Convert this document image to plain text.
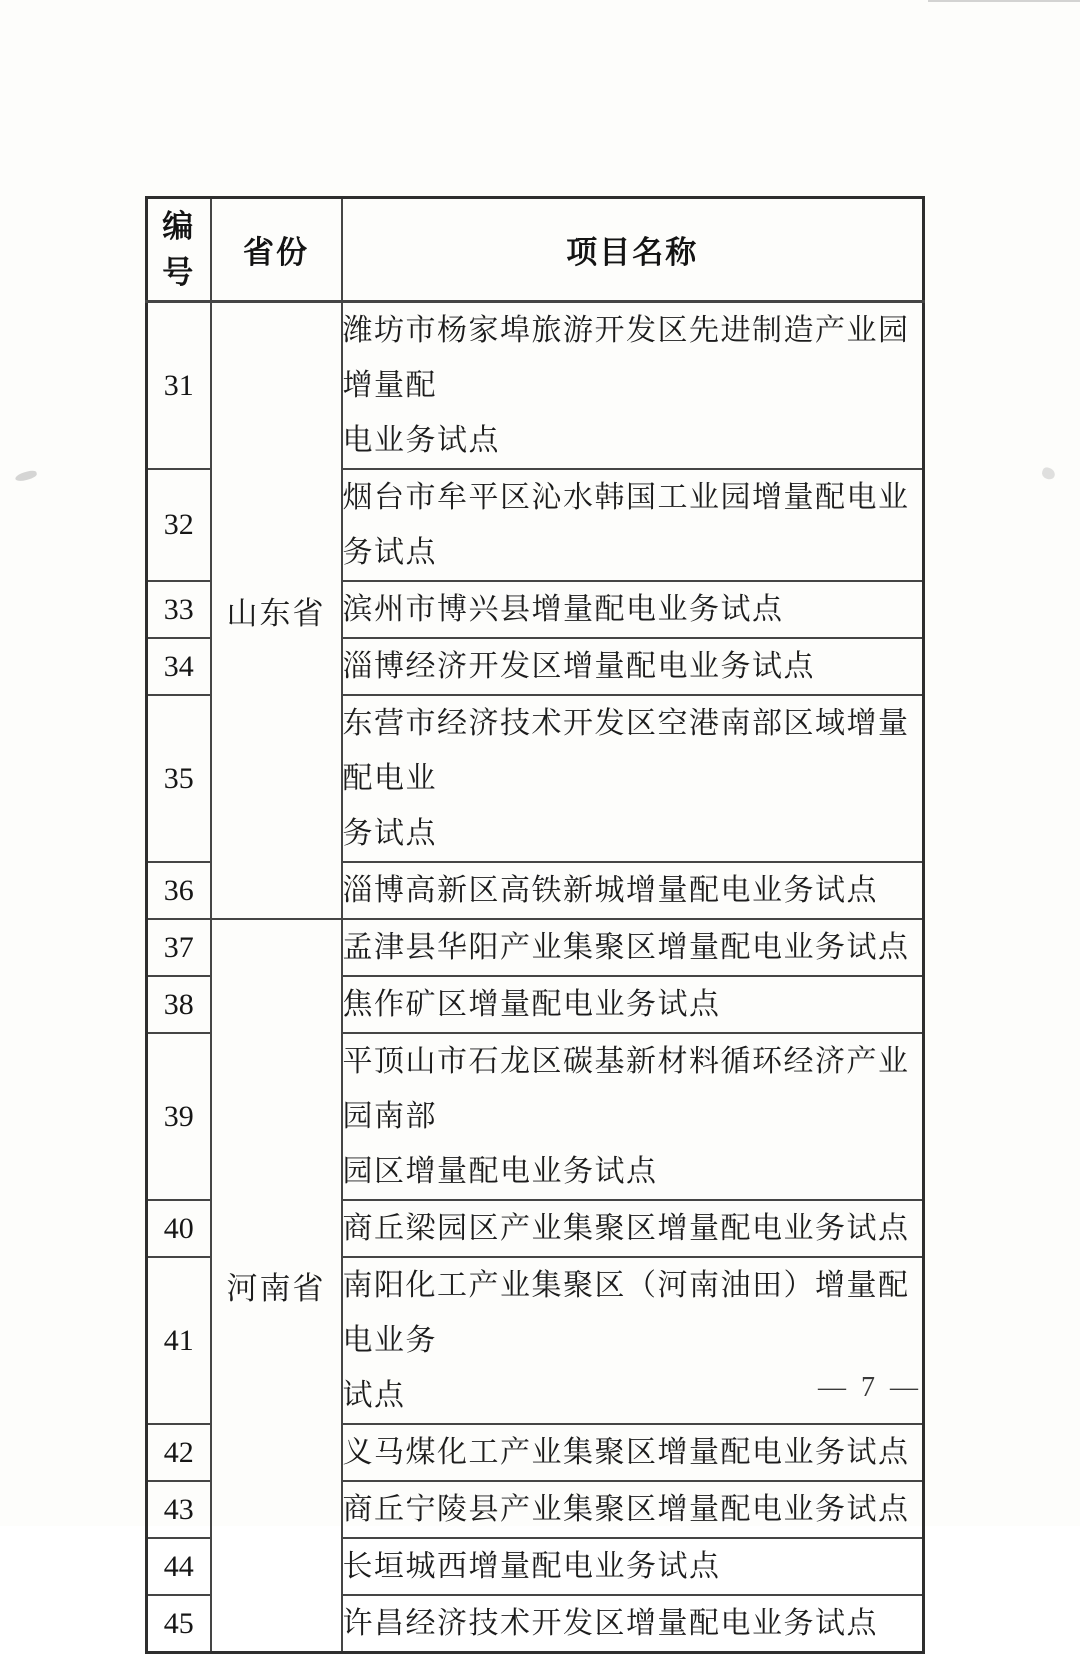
编
号	省份	项目名称
31	山东省	潍坊市杨家埠旅游开发区先进制造产业园增量配
电业务试点

32		烟台市牟平区沁水韩国工业园增量配电业务试点

33		滨州市博兴县增量配电业务试点

34		淄博经济开发区增量配电业务试点

35		东营市经济技术开发区空港南部区域增量配电业
务试点

36		淄博高新区高铁新城增量配电业务试点

37	河南省	孟津县华阳产业集聚区增量配电业务试点

38		焦作矿区增量配电业务试点

39		平顶山市石龙区碳基新材料循环经济产业园南部
园区增量配电业务试点

40		商丘梁园区产业集聚区增量配电业务试点

41		南阳化工产业集聚区（河南油田）增量配电业务
试点

42		义马煤化工产业集聚区增量配电业务试点

43		商丘宁陵县产业集聚区增量配电业务试点

44		长垣城西增量配电业务试点

45		许昌经济技术开发区增量配电业务试点
— 7 —
